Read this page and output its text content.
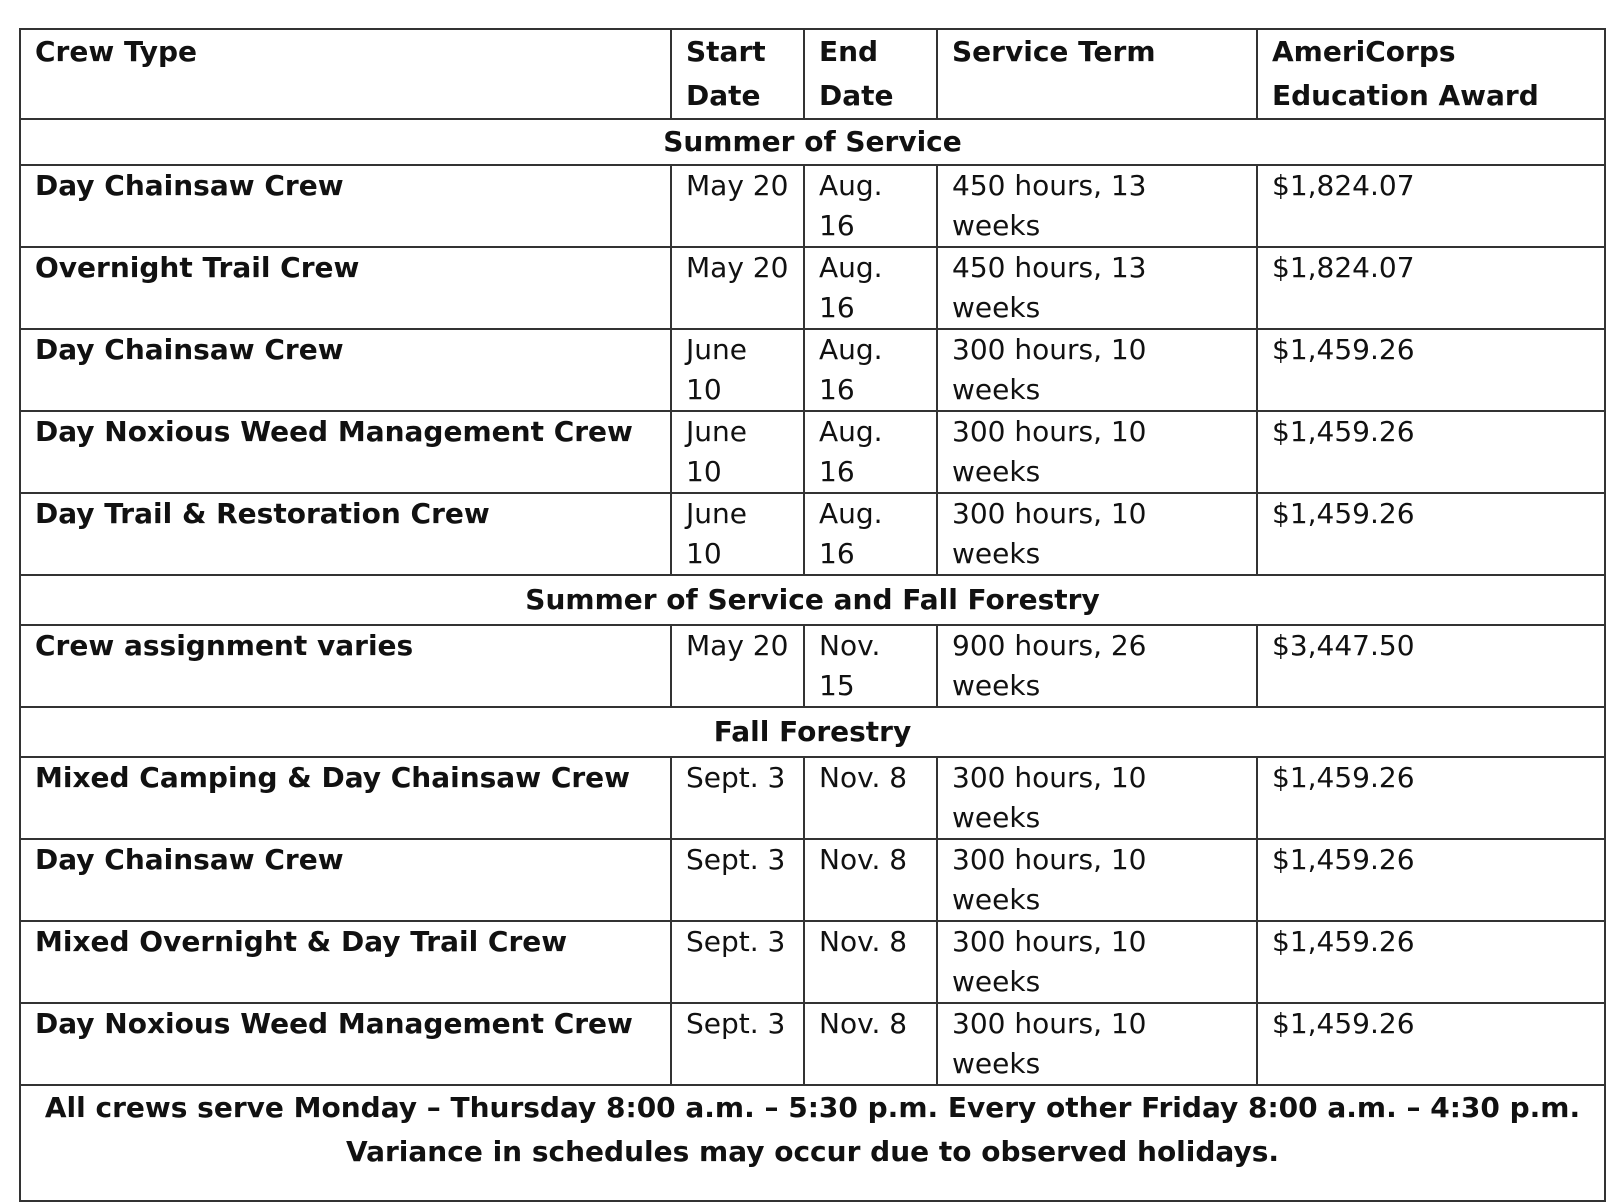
Crew Type	Start Date	End Date	Service Term	AmeriCorps Education Award
Summer of Service				
Day Chainsaw Crew	May 20	Aug. 16	450 hours, 13 weeks	$1,824.07
Overnight Trail Crew	May 20	Aug. 16	450 hours, 13 weeks	$1,824.07
Day Chainsaw Crew	June 10	Aug. 16	300 hours, 10 weeks	$1,459.26
Day Noxious Weed Management Crew	June 10	Aug. 16	300 hours, 10 weeks	$1,459.26
Day Trail & Restoration Crew	June 10	Aug. 16	300 hours, 10 weeks	$1,459.26
Summer of Service and Fall Forestry				
Crew assignment varies	May 20	Nov. 15	900 hours, 26 weeks	$3,447.50
Fall Forestry				
Mixed Camping & Day Chainsaw Crew	Sept. 3	Nov. 8	300 hours, 10 weeks	$1,459.26
Day Chainsaw Crew	Sept. 3	Nov. 8	300 hours, 10 weeks	$1,459.26
Mixed Overnight & Day Trail Crew	Sept. 3	Nov. 8	300 hours, 10 weeks	$1,459.26
Day Noxious Weed Management Crew	Sept. 3	Nov. 8	300 hours, 10 weeks	$1,459.26

All crews serve Monday – Thursday 8:00 a.m. – 5:30 p.m. Every other Friday 8:00 a.m. – 4:30 p.m.
Variance in schedules may occur due to observed holidays.				
